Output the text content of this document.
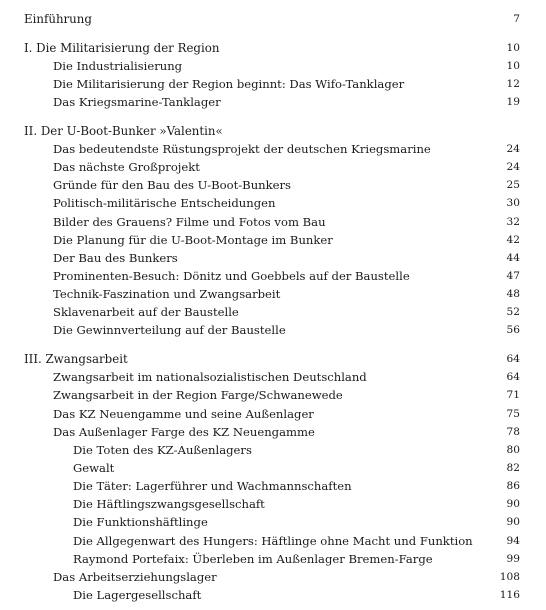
Einführung	7
I. Die Militarisierung der Region	10
Die Industrialisierung	10
Die Militarisierung der Region beginnt: Das Wifo-Tanklager	12
Das Kriegsmarine-Tanklager	19
II. Der U-Boot-Bunker »Valentin«
Das bedeutendste Rüstungsprojekt der deutschen Kriegsmarine	24
Das nächste Großprojekt	24
Gründe für den Bau des U-Boot-Bunkers	25
Politisch-militärische Entscheidungen	30
Bilder des Grauens? Filme und Fotos vom Bau	32
Die Planung für die U-Boot-Montage im Bunker	42
Der Bau des Bunkers	44
Prominenten-Besuch: Dönitz und Goebbels auf der Baustelle	47
Technik-Faszination und Zwangsarbeit	48
Sklavenarbeit auf der Baustelle	52
Die Gewinnverteilung auf der Baustelle	56
III. Zwangsarbeit	64
Zwangsarbeit im nationalsozialistischen Deutschland	64
Zwangsarbeit in der Region Farge/Schwanewede	71
Das KZ Neuengamme und seine Außenlager	75
Das Außenlager Farge des KZ Neuengamme	78
Die Toten des KZ-Außenlagers	80
Gewalt	82
Die Täter: Lagerführer und Wachmannschaften	86
Die Häftlingszwangsgesellschaft	90
Die Funktionshäftlinge	90
Die Allgegenwart des Hungers: Häftlinge ohne Macht und Funktion	94
Raymond Portefaix: Überleben im Außenlager Bremen-Farge	99
Das Arbeitserziehungslager	108
Die Lagergesellschaft	116
